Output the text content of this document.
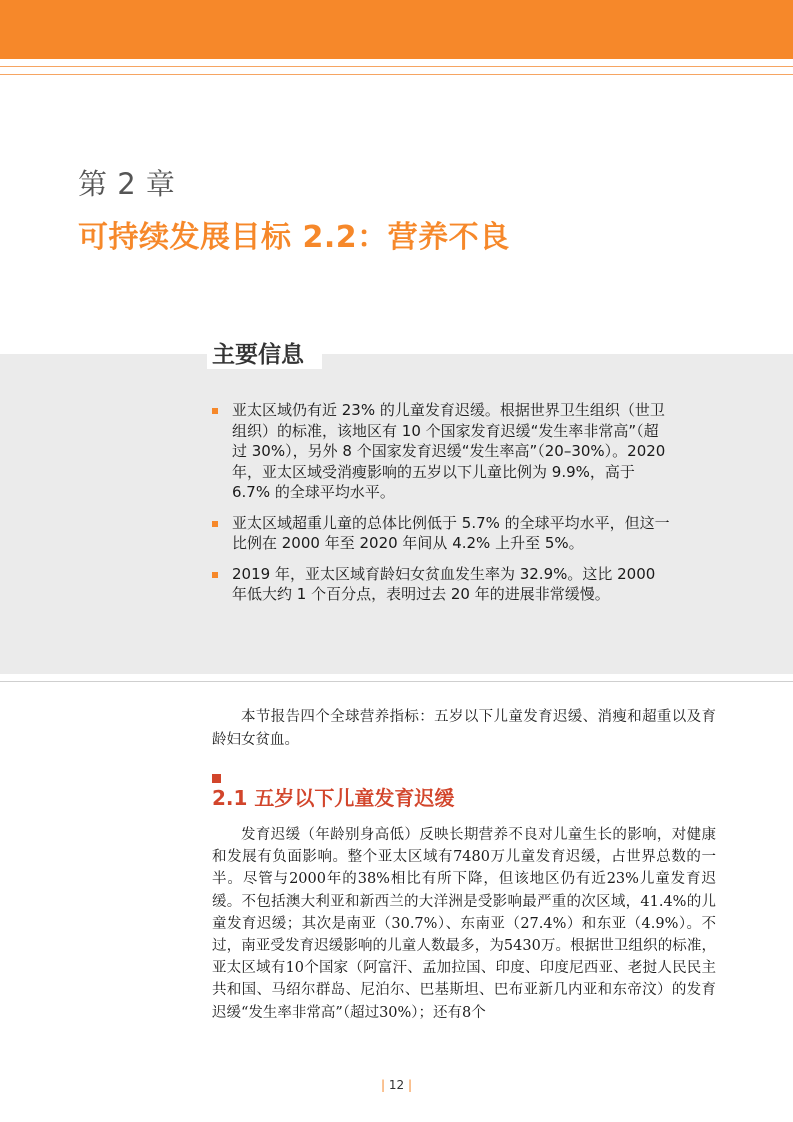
第 2 章
可持续发展目标 2.2：营养不良
主要信息
亚太区域仍有近 23% 的儿童发育迟缓。根据世界卫生组织（世卫组织）的标准，该地区有 10 个国家发育迟缓“发生率非常高”（超过 30%），另外 8 个国家发育迟缓“发生率高”（20–30%）。2020 年，亚太区域受消瘦影响的五岁以下儿童比例为 9.9%，高于6.7% 的全球平均水平。
亚太区域超重儿童的总体比例低于 5.7% 的全球平均水平，但这一比例在 2000 年至 2020 年间从 4.2% 上升至 5%。
2019 年，亚太区域育龄妇女贫血发生率为 32.9%。这比 2000 年低大约 1 个百分点，表明过去 20 年的进展非常缓慢。

本节报告四个全球营养指标：五岁以下儿童发育迟缓、消瘦和超重以及育龄妇女贫血。

2.1 五岁以下儿童发育迟缓

发育迟缓（年龄别身高低）反映长期营养不良对儿童生长的影响，对健康和发展有负面影响。整个亚太区域有7480万儿童发育迟缓，占世界总数的一半。尽管与2000年的38%相比有所下降，但该地区仍有近23%儿童发育迟缓。不包括澳大利亚和新西兰的大洋洲是受影响最严重的次区域，41.4%的儿童发育迟缓；其次是南亚（30.7%）、东南亚（27.4%）和东亚（4.9%）。不过，南亚受发育迟缓影响的儿童人数最多，为5430万。根据世卫组织的标准，亚太区域有10个国家（阿富汗、孟加拉国、印度、印度尼西亚、老挝人民民主共和国、马绍尔群岛、尼泊尔、巴基斯坦、巴布亚新几内亚和东帝汶）的发育迟缓“发生率非常高”（超过30%）；还有8个

| 12 |
